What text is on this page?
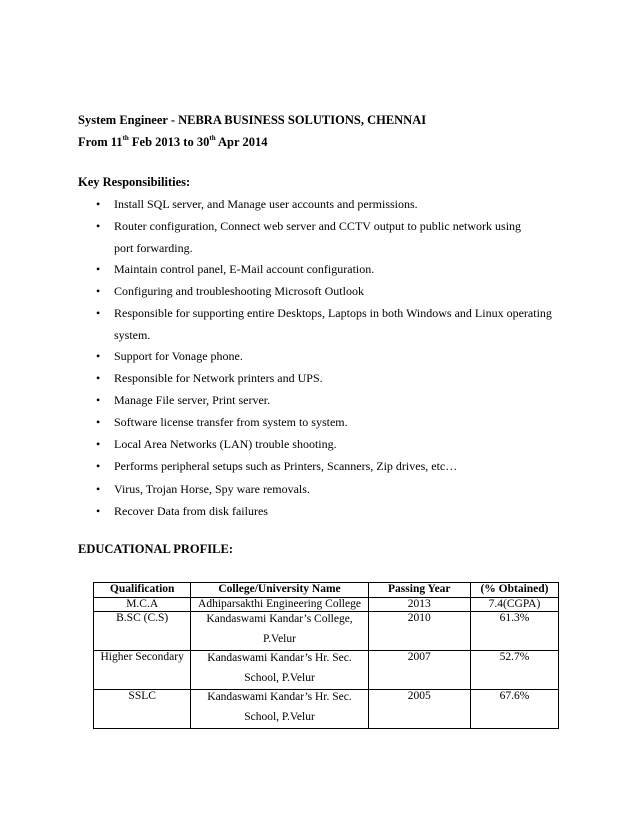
System Engineer - NEBRA BUSINESS SOLUTIONS, CHENNAI
From 11th Feb 2013 to 30th Apr 2014
Key Responsibilities:
• Install SQL server, and Manage user accounts and permissions.
• Router configuration, Connect web server and CCTV output to public network using
port forwarding.
• Maintain control panel, E-Mail account configuration.
• Configuring and troubleshooting Microsoft Outlook
• Responsible for supporting entire Desktops, Laptops in both Windows and Linux operating
system.
• Support for Vonage phone.
• Responsible for Network printers and UPS.
• Manage File server, Print server.
• Software license transfer from system to system.
• Local Area Networks (LAN) trouble shooting.
• Performs peripheral setups such as Printers, Scanners, Zip drives, etc…
• Virus, Trojan Horse, Spy ware removals.
• Recover Data from disk failures
EDUCATIONAL PROFILE:
Qualification	College/University Name	Passing Year	(% Obtained)
M.C.A	Adhiparsakthi Engineering College	2013	7.4(CGPA)
B.SC (C.S)	Kandaswami Kandar’s College,
P.Velur	2010	61.3%
Higher Secondary	Kandaswami Kandar’s Hr. Sec.
School, P.Velur	2007	52.7%
SSLC	Kandaswami Kandar’s Hr. Sec.
School, P.Velur	2005	67.6%
